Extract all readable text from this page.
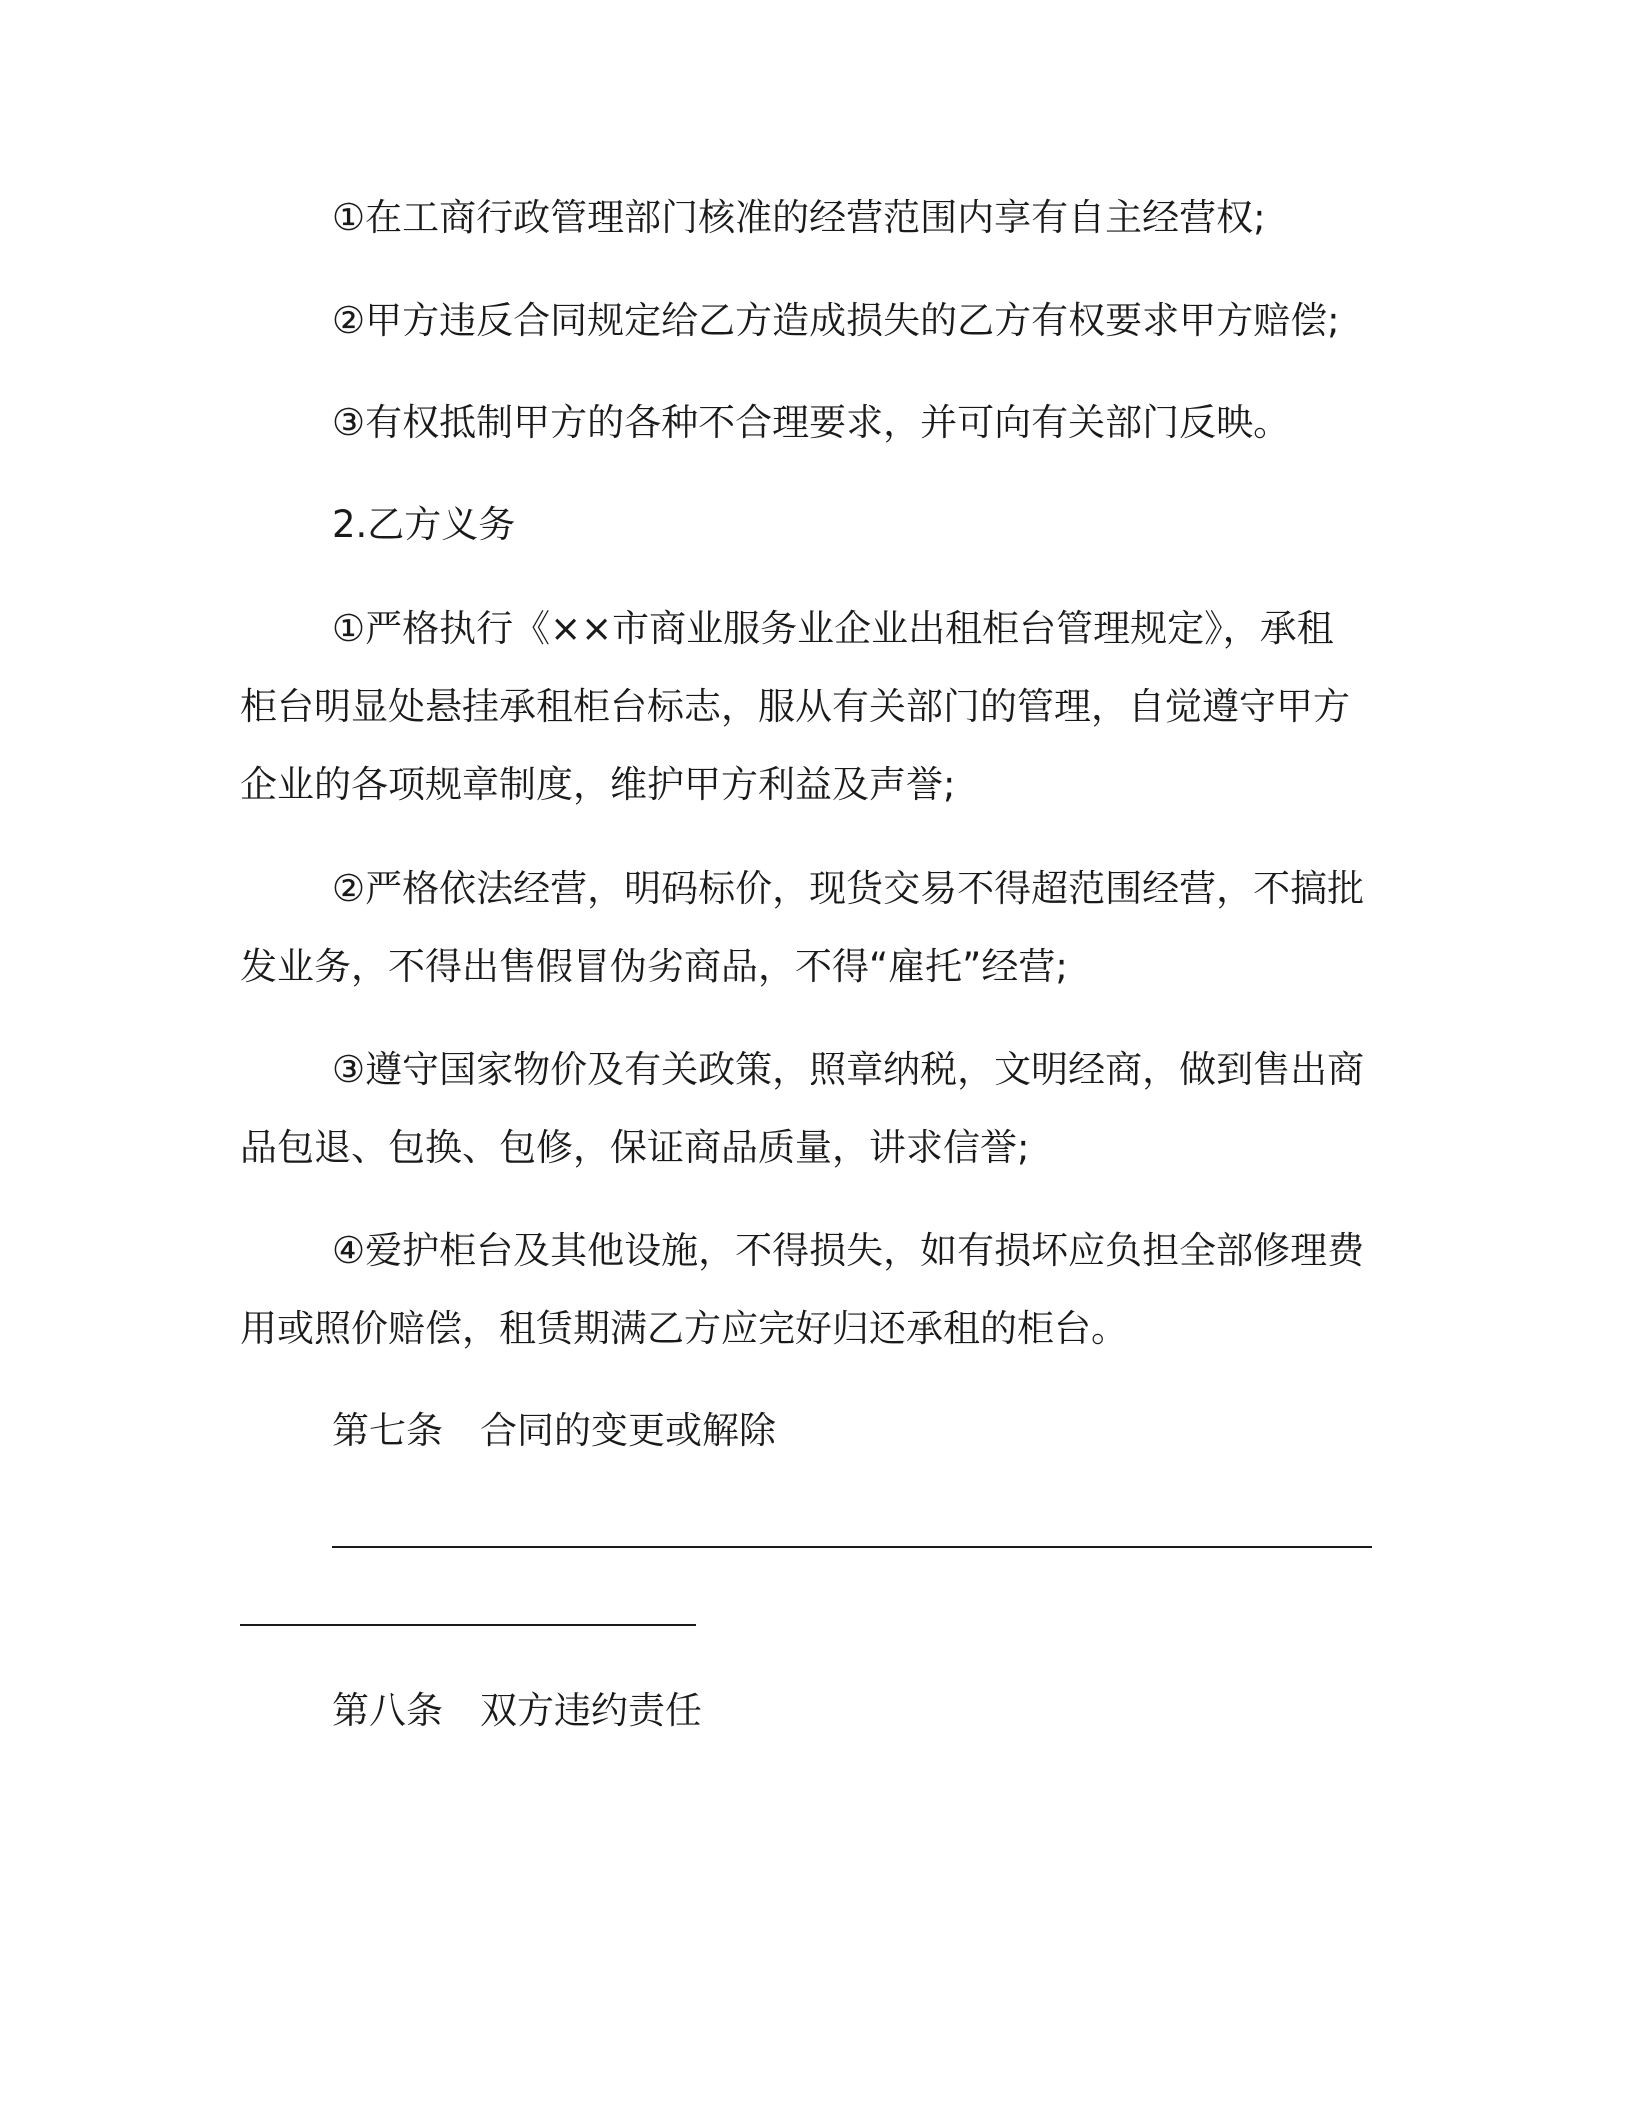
①在工商行政管理部门核准的经营范围内享有自主经营权;
②甲方违反合同规定给乙方造成损失的乙方有权要求甲方赔偿;
③有权抵制甲方的各种不合理要求，并可向有关部门反映。
2.乙方义务
①严格执行《××市商业服务业企业出租柜台管理规定》，承租
柜台明显处悬挂承租柜台标志，服从有关部门的管理，自觉遵守甲方
企业的各项规章制度，维护甲方利益及声誉;
②严格依法经营，明码标价，现货交易不得超范围经营，不搞批
发业务，不得出售假冒伪劣商品，不得“雇托”经营;
③遵守国家物价及有关政策，照章纳税，文明经商，做到售出商
品包退、包换、包修，保证商品质量，讲求信誉;
④爱护柜台及其他设施，不得损失，如有损坏应负担全部修理费
用或照价赔偿，租赁期满乙方应完好归还承租的柜台。
第七条　合同的变更或解除
第八条　双方违约责任
